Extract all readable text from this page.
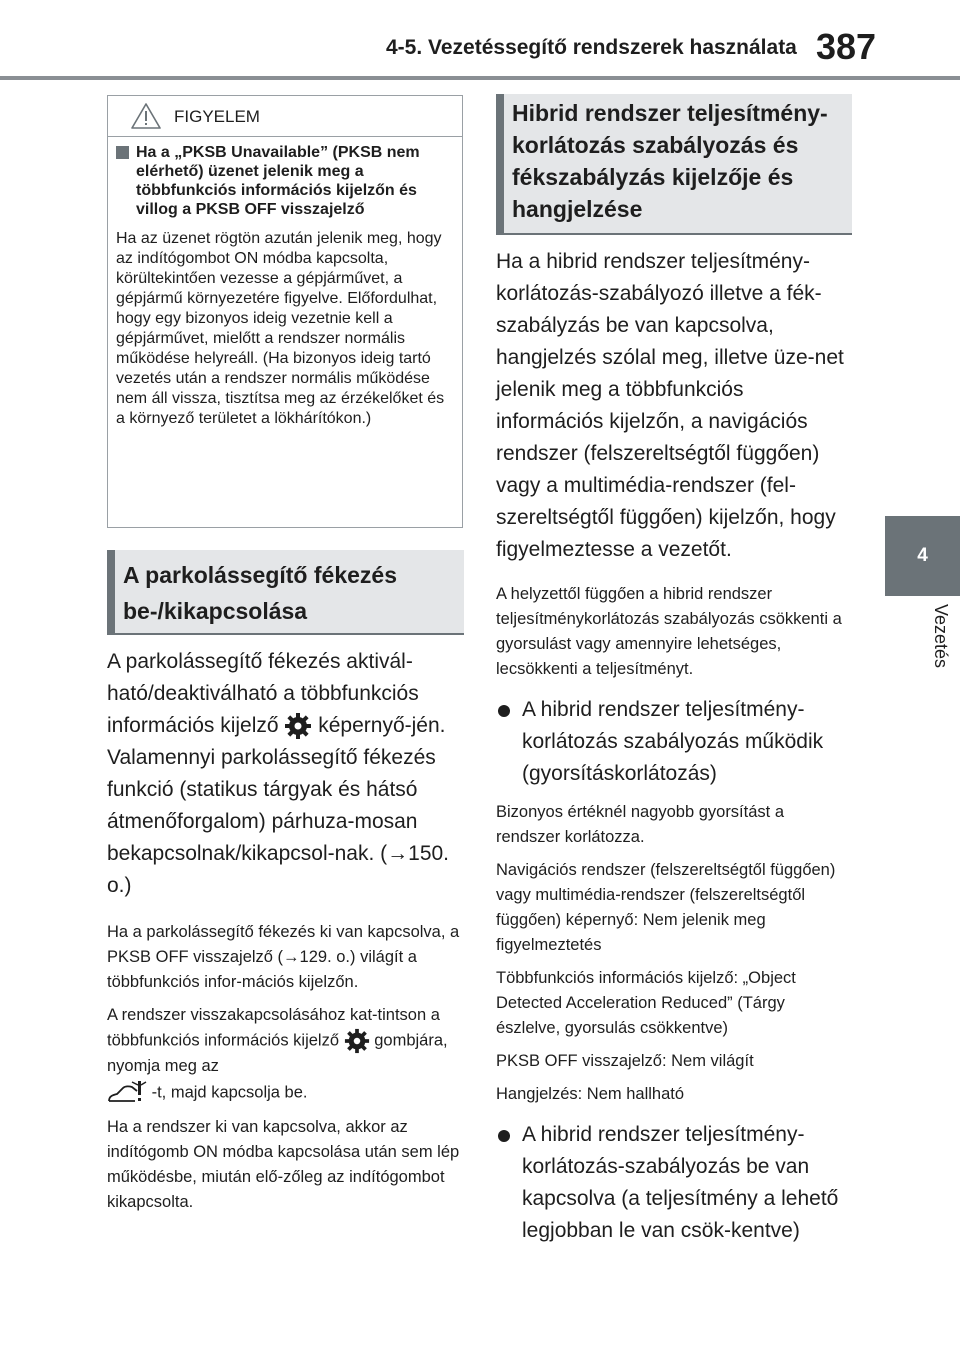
4-5. Vezetéssegítő rendszerek használata 387
4
Vezetés
FIGYELEM
Ha a „PKSB Unavailable” (PKSB nem elérhető) üzenet jelenik meg a többfunkciós információs kijelzőn és villog a PKSB OFF visszajelző
Ha az üzenet rögtön azután jelenik meg, hogy az indítógombot ON módba kapcsolta, körültekintően vezesse a gépjárművet, a gépjármű környezetére figyelve. Előfordulhat, hogy egy bizonyos ideig vezetnie kell a gépjárművet, mielőtt a rendszer normális működése helyreáll. (Ha bizonyos ideig tartó vezetés után a rendszer normális működése nem áll vissza, tisztítsa meg az érzékelőket és a környező területet a lökhárítókon.)
A parkolássegítő fékezés be-/kikapcsolása

A parkolássegítő fékezés aktivál-ható/deaktiválható a többfunkciós információs kijelző képernyő-jén. Valamennyi parkolássegítő fékezés funkció (statikus tárgyak és hátsó átmenőforgalom) párhuza-mosan bekapcsolnak/kikapcsol-nak. (→150. o.)

Ha a parkolássegítő fékezés ki van kapcsolva, a PKSB OFF visszajelző (→129. o.) világít a többfunkciós infor-mációs kijelzőn.

A rendszer visszakapcsolásához kat-tintson a többfunkciós információs kijelző gombjára, nyomja meg az
-t, majd kapcsolja be.

Ha a rendszer ki van kapcsolva, akkor az indítógomb ON módba kapcsolása után sem lép működésbe, miután elő-zőleg az indítógombot kikapcsolta.

Hibrid rendszer teljesítmény-korlátozás szabályozás és fékszabályzás kijelzője és hangjelzése

Ha a hibrid rendszer teljesítmény-korlátozás-szabályozó illetve a fék-szabályzás be van kapcsolva, hangjelzés szólal meg, illetve üze-net jelenik meg a többfunkciós információs kijelzőn, a navigációs rendszer (felszereltségtől függően) vagy a multimédia-rendszer (fel-szereltségtől függően) kijelzőn, hogy figyelmeztesse a vezetőt.

A helyzettől függően a hibrid rendszer teljesítménykorlátozás szabályozás csökkenti a gyorsulást vagy amennyire lehetséges, lecsökkenti a teljesítményt.

A hibrid rendszer teljesítmény-korlátozás szabályozás működik (gyorsításkorlátozás)

Bizonyos értéknél nagyobb gyorsítást a rendszer korlátozza.

Navigációs rendszer (felszereltségtől függően) vagy multimédia-rendszer (felszereltségtől függően) képernyő: Nem jelenik meg figyelmeztetés

Többfunkciós információs kijelző: „Object Detected Acceleration Reduced” (Tárgy észlelve, gyorsulás csökkentve)

PKSB OFF visszajelző: Nem világít

Hangjelzés: Nem hallható

A hibrid rendszer teljesítmény-korlátozás-szabályozás be van kapcsolva (a teljesítmény a lehető legjobban le van csök-kentve)
